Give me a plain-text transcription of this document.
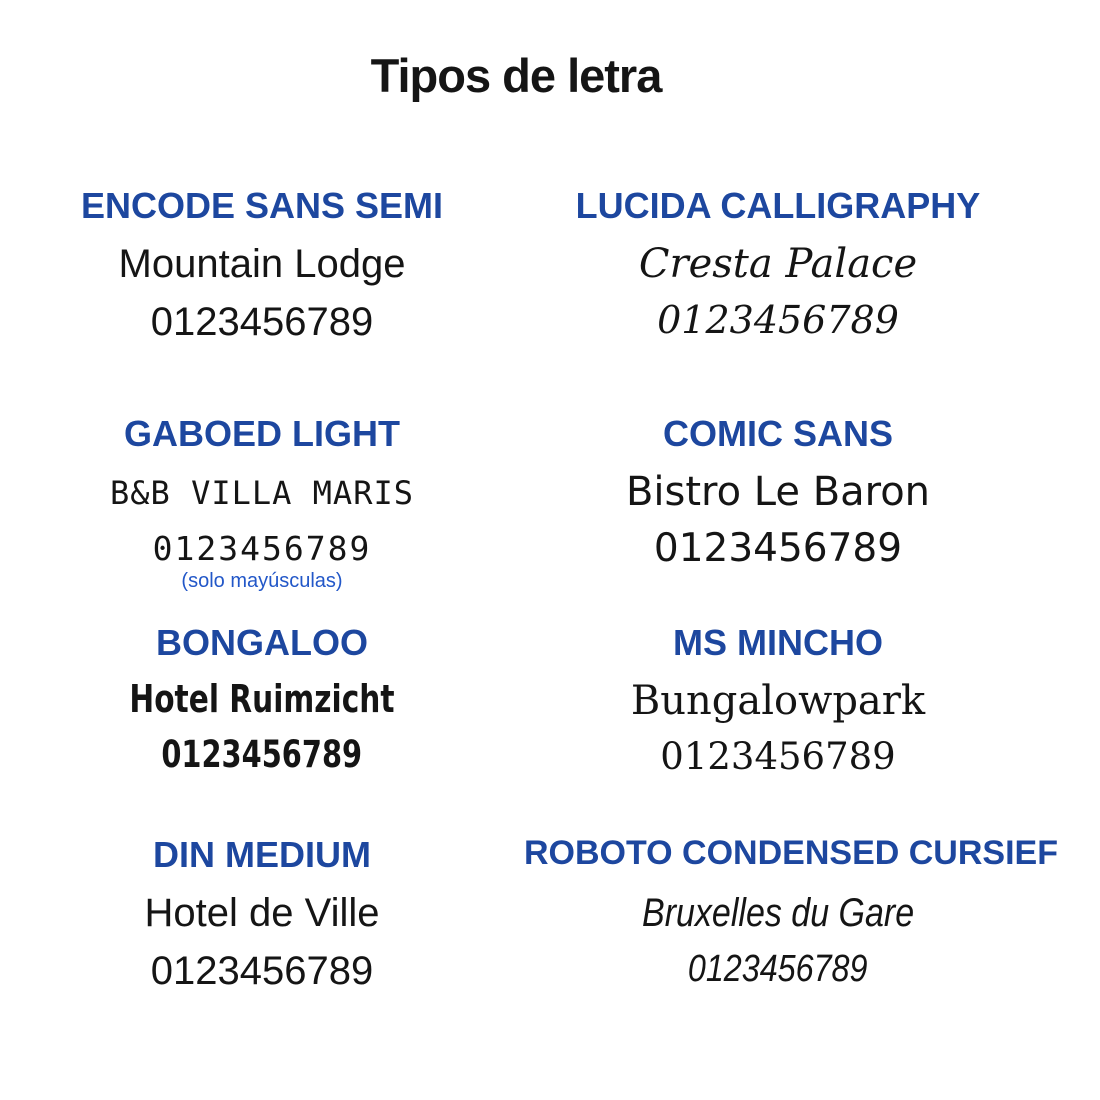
Tipos de letra
ENCODE SANS SEMI
Mountain Lodge
0123456789
LUCIDA CALLIGRAPHY
Cresta Palace
0123456789
GABOED LIGHT
B&B VILLA MARIS
0123456789
(solo mayúsculas)
COMIC SANS
Bistro Le Baron
0123456789
BONGALOO
Hotel Ruimzicht
0123456789
MS MINCHO
Bungalowpark
0123456789
DIN MEDIUM
Hotel de Ville
0123456789
ROBOTO CONDENSED CURSIEF
Bruxelles du Gare
0123456789
